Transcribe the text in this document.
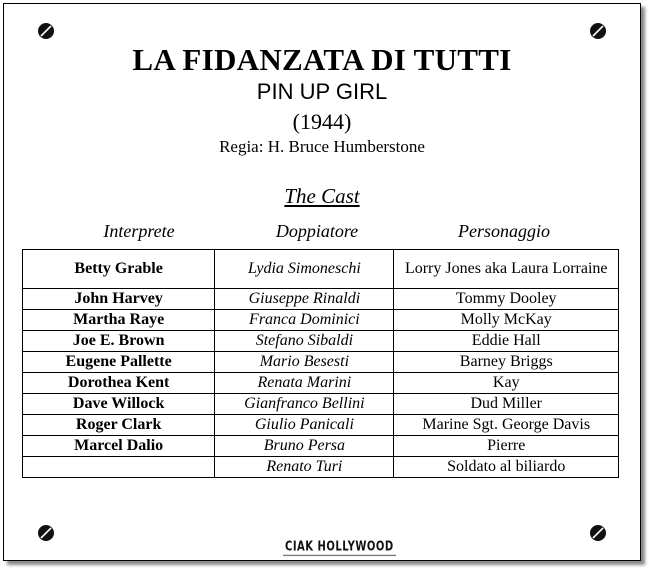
LA FIDANZATA DI TUTTI
PIN UP GIRL
(1944)
Regia: H. Bruce Humberstone
The Cast
Interprete	Doppiatore	Personaggio
Betty Grable	Lydia Simoneschi	Lorry Jones aka Laura Lorraine
John Harvey	Giuseppe Rinaldi	Tommy Dooley
Martha Raye	Franca Dominici	Molly McKay
Joe E. Brown	Stefano Sibaldi	Eddie Hall
Eugene Pallette	Mario Besesti	Barney Briggs
Dorothea Kent	Renata Marini	Kay
Dave Willock	Gianfranco Bellini	Dud Miller
Roger Clark	Giulio Panicali	Marine Sgt. George Davis
Marcel Dalio	Bruno Persa	Pierre
	Renato Turi	Soldato al biliardo
CIAK HOLLYWOOD
